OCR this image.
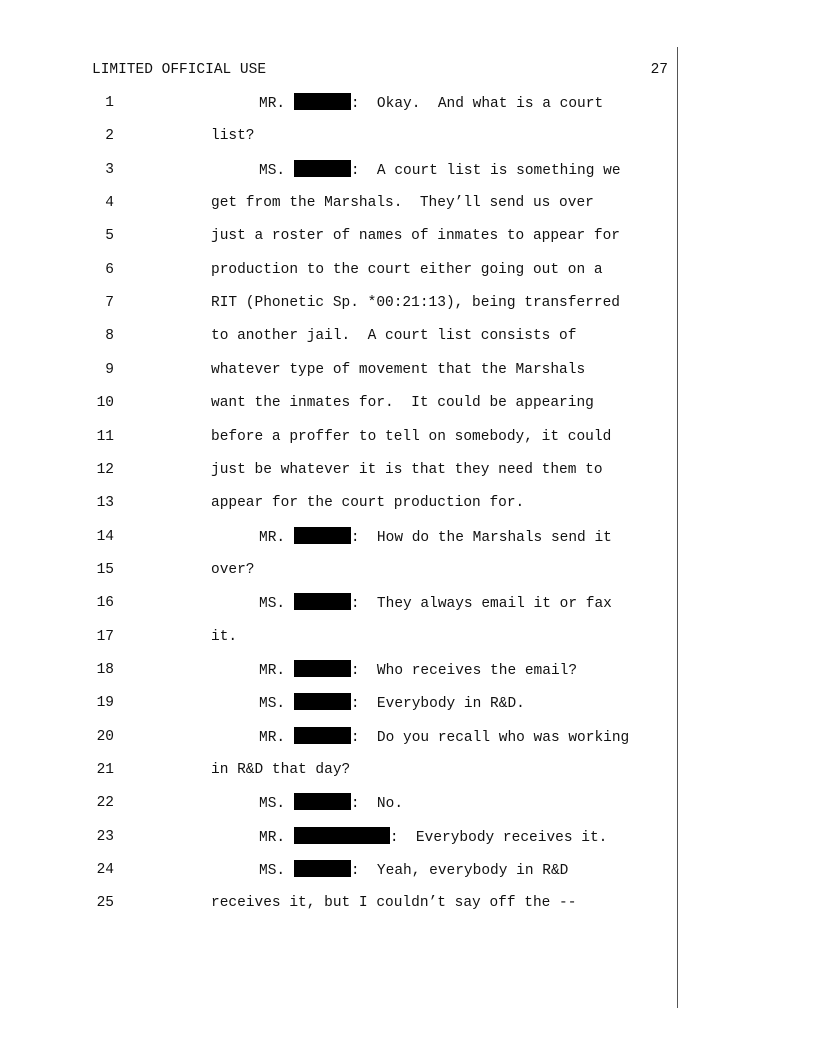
LIMITED OFFICIAL USE	27
1	MR.	:  Okay.  And what is a court
2	list?
3	MS.	:  A court list is something we
4	get from the Marshals.  They’ll send us over
5	just a roster of names of inmates to appear for
6	production to the court either going out on a
7	RIT (Phonetic Sp. *00:21:13), being transferred
8	to another jail.  A court list consists of
9	whatever type of movement that the Marshals
10	want the inmates for.  It could be appearing
11	before a proffer to tell on somebody, it could
12	just be whatever it is that they need them to
13	appear for the court production for.
14	MR.	:  How do the Marshals send it
15	over?
16	MS.	:  They always email it or fax
17	it.
18	MR.	:  Who receives the email?
19	MS.	:  Everybody in R&D.
20	MR.	:  Do you recall who was working
21	in R&D that day?
22	MS.	:  No.
23	MR.	:  Everybody receives it.
24	MS.	:  Yeah, everybody in R&D
25	receives it, but I couldn’t say off the --
